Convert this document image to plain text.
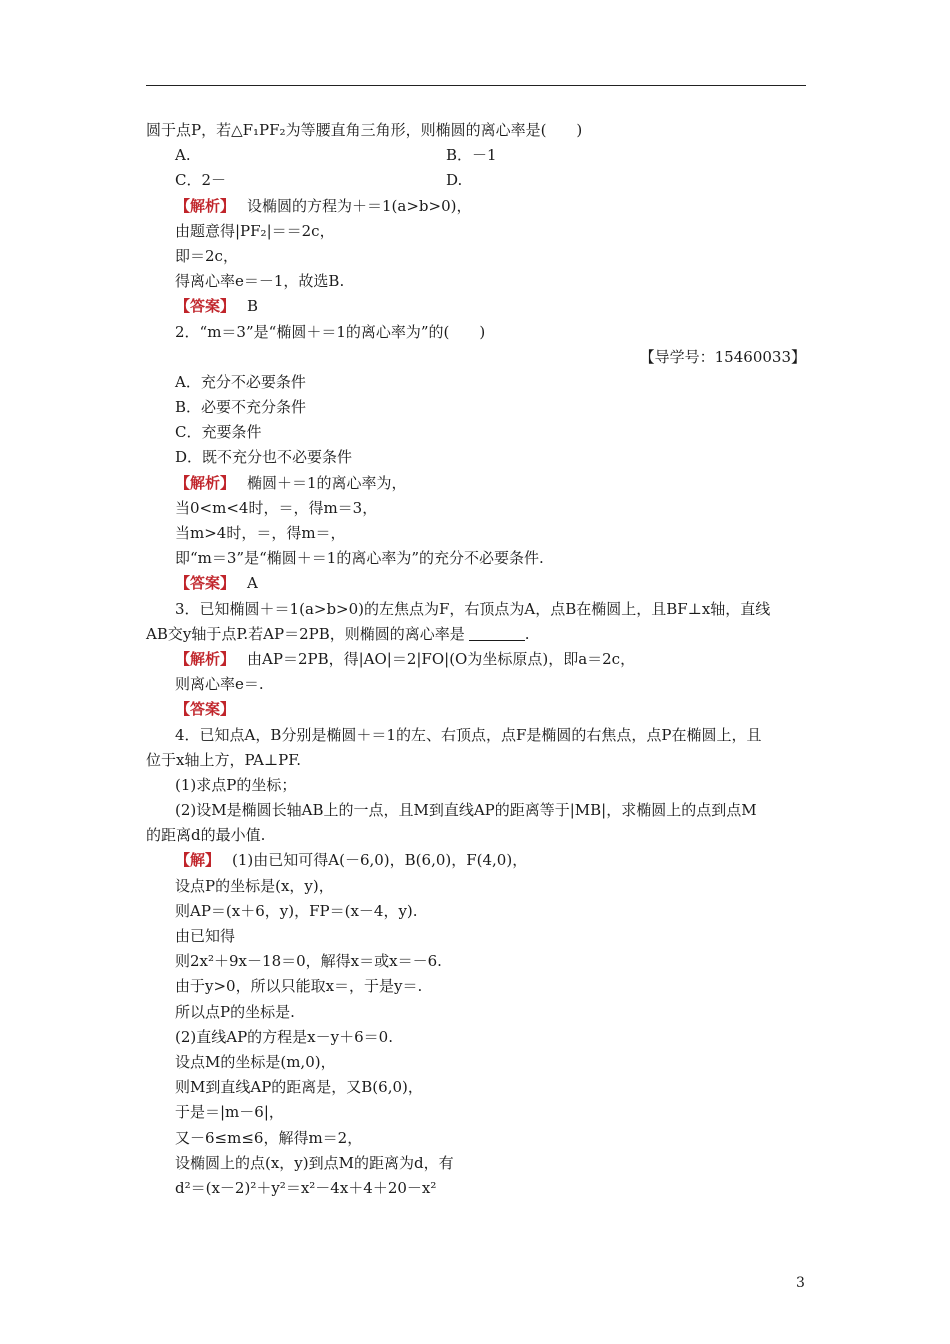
圆于点P，若△F₁PF₂为等腰直角三角形，则椭圆的离心率是(　　)
A.	B．－1
C．2－	D.
【解析】 设椭圆的方程为＋＝1(a>b>0)，
由题意得|PF₂|＝＝2c，
即＝2c，
得离心率e＝－1，故选B.
【答案】 B
2．“m＝3”是“椭圆＋＝1的离心率为”的(　　)
【导学号：15460033】
A．充分不必要条件
B．必要不充分条件
C．充要条件
D．既不充分也不必要条件
【解析】 椭圆＋＝1的离心率为，
当0<m<4时，＝，得m＝3，
当m>4时，＝，得m＝，
即“m＝3”是“椭圆＋＝1的离心率为”的充分不必要条件.
【答案】 A
3．已知椭圆＋＝1(a>b>0)的左焦点为F，右顶点为A，点B在椭圆上，且BF⊥x轴，直线
AB交y轴于点P.若AP＝2PB，则椭圆的离心率是	.
【解析】 由AP＝2PB，得|AO|＝2|FO|(O为坐标原点)，即a＝2c，
则离心率e＝.
【答案】
4．已知点A，B分别是椭圆＋＝1的左、右顶点，点F是椭圆的右焦点，点P在椭圆上，且
位于x轴上方，PA⊥PF.
(1)求点P的坐标；
(2)设M是椭圆长轴AB上的一点，且M到直线AP的距离等于|MB|，求椭圆上的点到点M
的距离d的最小值.
【解】 (1)由已知可得A(－6,0)，B(6,0)，F(4,0)，
设点P的坐标是(x，y)，
则AP＝(x＋6，y)，FP＝(x－4，y).
由已知得
则2x²＋9x－18＝0，解得x＝或x＝－6.
由于y>0，所以只能取x＝，于是y＝.
所以点P的坐标是.
(2)直线AP的方程是x－y＋6＝0.
设点M的坐标是(m,0)，
则M到直线AP的距离是，又B(6,0)，
于是＝|m－6|，
又－6≤m≤6，解得m＝2，
设椭圆上的点(x，y)到点M的距离为d，有
d²＝(x－2)²＋y²＝x²－4x＋4＋20－x²
3
